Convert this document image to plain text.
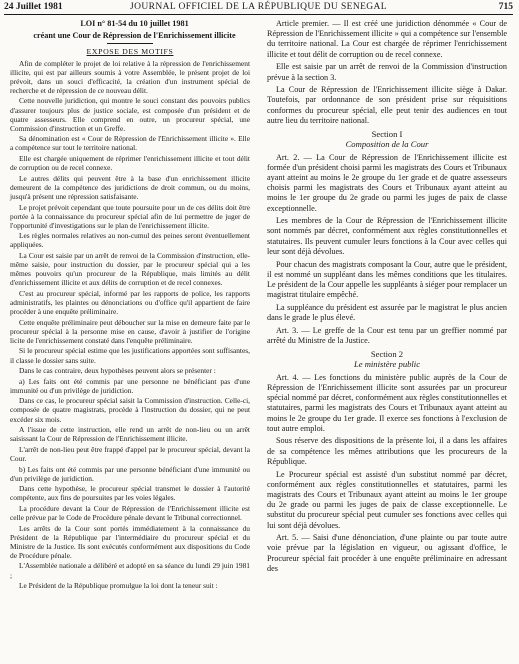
24 Juillet 1981	JOURNAL OFFICIEL DE LA RÉPUBLIQUE DU SENEGAL	715

LOI n° 81-54 du 10 juillet 1981

créant une Cour de Répression de l'Enrichissement illicite

EXPOSE DES MOTIFS

Afin de compléter le projet de loi relative à la répression de l'enrichissement illicite, qui est par ailleurs soumis à votre Assemblée, le présent projet de loi prévoit, dans un souci d'efficacité, la création d'un instrument spécial de recherche et de répression de ce nouveau délit.

Cette nouvelle juridiction, qui montre le souci constant des pouvoirs publics d'assurer toujours plus de justice sociale, est composée d'un président et de quatre assesseurs. Elle comprend en outre, un procureur spécial, une Commission d'instruction et un Greffe.

Sa dénomination est « Cour de Répression de l'Enrichissement illicite ». Elle a compétence sur tout le territoire national.

Elle est chargée uniquement de réprimer l'enrichissement illicite et tout délit de corruption ou de recel connexe.

Le autres délits qui peuvent être à la base d'un enrichissement illicite demeurent de la compétence des juridictions de droit commun, ou du moins, jusqu'à présent une répression satisfaisante.

Le projet prévoit cependant que toute poursuite pour un de ces délits doit être portée à la connaissance du procureur spécial afin de lui permettre de juger de l'opportunité d'investigations sur le plan de l'enrichissement illicite.

Les règles normales relatives au non-cumul des peines seront éventuellement appliquées.

La Cour est saisie par un arrêt de renvoi de la Commission d'instruction, elle-même saisie, pour instruction du dossier, par le procureur spécial qui a les mêmes pouvoirs qu'un procureur de la République, mais limités au délit d'enrichissement illicite et aux délits de corruption et de recel connexes.

C'est au procureur spécial, informé par les rapports de police, les rapports administratifs, les plaintes ou dénonciations ou d'office qu'il appartient de faire procéder à une enquête préliminaire.

Cette enquête préliminaire peut déboucher sur la mise en demeure faite par le procureur spécial à la personne mise en cause, d'avoir à justifier de l'origine licite de l'enrichissement constaté dans l'enquête préliminaire.

Si le procureur spécial estime que les justifications apportées sont suffisantes, il classe le dossier sans suite.

Dans le cas contraire, deux hypothèses peuvent alors se présenter :

a) Les faits ont été commis par une personne ne bénéficiant pas d'une immunité ou d'un privilège de juridiction.

Dans ce cas, le procureur spécial saisit la Commission d'instruction. Celle-ci, composée de quatre magistrats, procède à l'instruction du dossier, qui ne peut excéder six mois.

A l'issue de cette instruction, elle rend un arrêt de non-lieu ou un arrêt saisissant la Cour de Répression de l'Enrichissement illicite.

L'arrêt de non-lieu peut être frappé d'appel par le procureur spécial, devant la Cour.

b) Les faits ont été commis par une personne bénéficiant d'une immunité ou d'un privilège de juridiction.

Dans cette hypothèse, le procureur spécial transmet le dossier à l'autorité compétente, aux fins de poursuites par les voies légales.

La procédure devant la Cour de Répression de l'Enrichissement illicite est celle prévue par le Code de Procédure pénale devant le Tribunal correctionnel.

Les arrêts de la Cour sont portés immédiatement à la connaissance du Président de la République par l'intermédiaire du procureur spécial et du Ministre de la Justice. Ils sont exécutés conformément aux dispositions du Code de Procédure pénale.

L'Assemblée nationale a délibéré et adopté en sa séance du lundi 29 juin 1981 ;

Le Président de la République promulgue la loi dont la teneur suit :

Article premier. — Il est créé une juridiction dénommée « Cour de Répression de l'Enrichissement illicite » qui a compétence sur l'ensemble du territoire national. La Cour est chargée de réprimer l'enrichissement illicite et tout délit de corruption ou de recel connexe.

Elle est saisie par un arrêt de renvoi de la Commission d'instruction prévue à la section 3.

La Cour de Répression de l'Enrichissement illicite siège à Dakar. Toutefois, par ordonnance de son président prise sur réquisitions conformes du procureur spécial, elle peut tenir des audiences en tout autre lieu du territoire national.

Section I
Composition de la Cour

Art. 2. — La Cour de Répression de l'Enrichissement illicite est formée d'un président choisi parmi les magistrats des Cours et Tribunaux ayant atteint au moins le 2e groupe du 1er grade et de quatre assesseurs choisis parmi les magistrats des Cours et Tribunaux ayant atteint au moins le 1er groupe du 2e grade ou parmi les juges de paix de classe exceptionnelle.

Les membres de la Cour de Répression de l'Enrichissement illicite sont nommés par décret, conformément aux règles constitutionnelles et statutaires. Ils peuvent cumuler leurs fonctions à la Cour avec celles qui leur sont déjà dévolues.

Pour chacun des magistrats composant la Cour, autre que le président, il est nommé un suppléant dans les mêmes conditions que les titulaires. Le président de la Cour appelle les suppléants à siéger pour remplacer un magistrat titulaire empêché.

La suppléance du président est assurée par le magistrat le plus ancien dans le grade le plus élevé.

Art. 3. — Le greffe de la Cour est tenu par un greffier nommé par arrêté du Ministre de la Justice.

Section 2
Le ministère public

Art. 4. — Les fonctions du ministère public auprès de la Cour de Répression de l'Enrichissement illicite sont assurées par un procureur spécial nommé par décret, conformément aux règles constitutionnelles et statutaires, parmi les magistrats des Cours et Tribunaux ayant atteint au moins le 2e groupe du 1er grade. Il exerce ses fonctions à l'exclusion de tout autre emploi.

Sous réserve des dispositions de la présente loi, il a dans les affaires de sa compétence les mêmes attributions que les procureurs de la République.

Le Procureur spécial est assisté d'un substitut nommé par décret, conformément aux règles constitutionnelles et statutaires, parmi les magistrats des Cours et Tribunaux ayant atteint au moins le 1er groupe du 2e grade ou parmi les juges de paix de classe exceptionnelle. Le substitut du procureur spécial peut cumuler ses fonctions avec celles qui lui sont déjà dévolues.

Art. 5. — Saisi d'une dénonciation, d'une plainte ou par toute autre voie prévue par la législation en vigueur, ou agissant d'office, le Procureur spécial fait procéder à une enquête préliminaire en adressant des
